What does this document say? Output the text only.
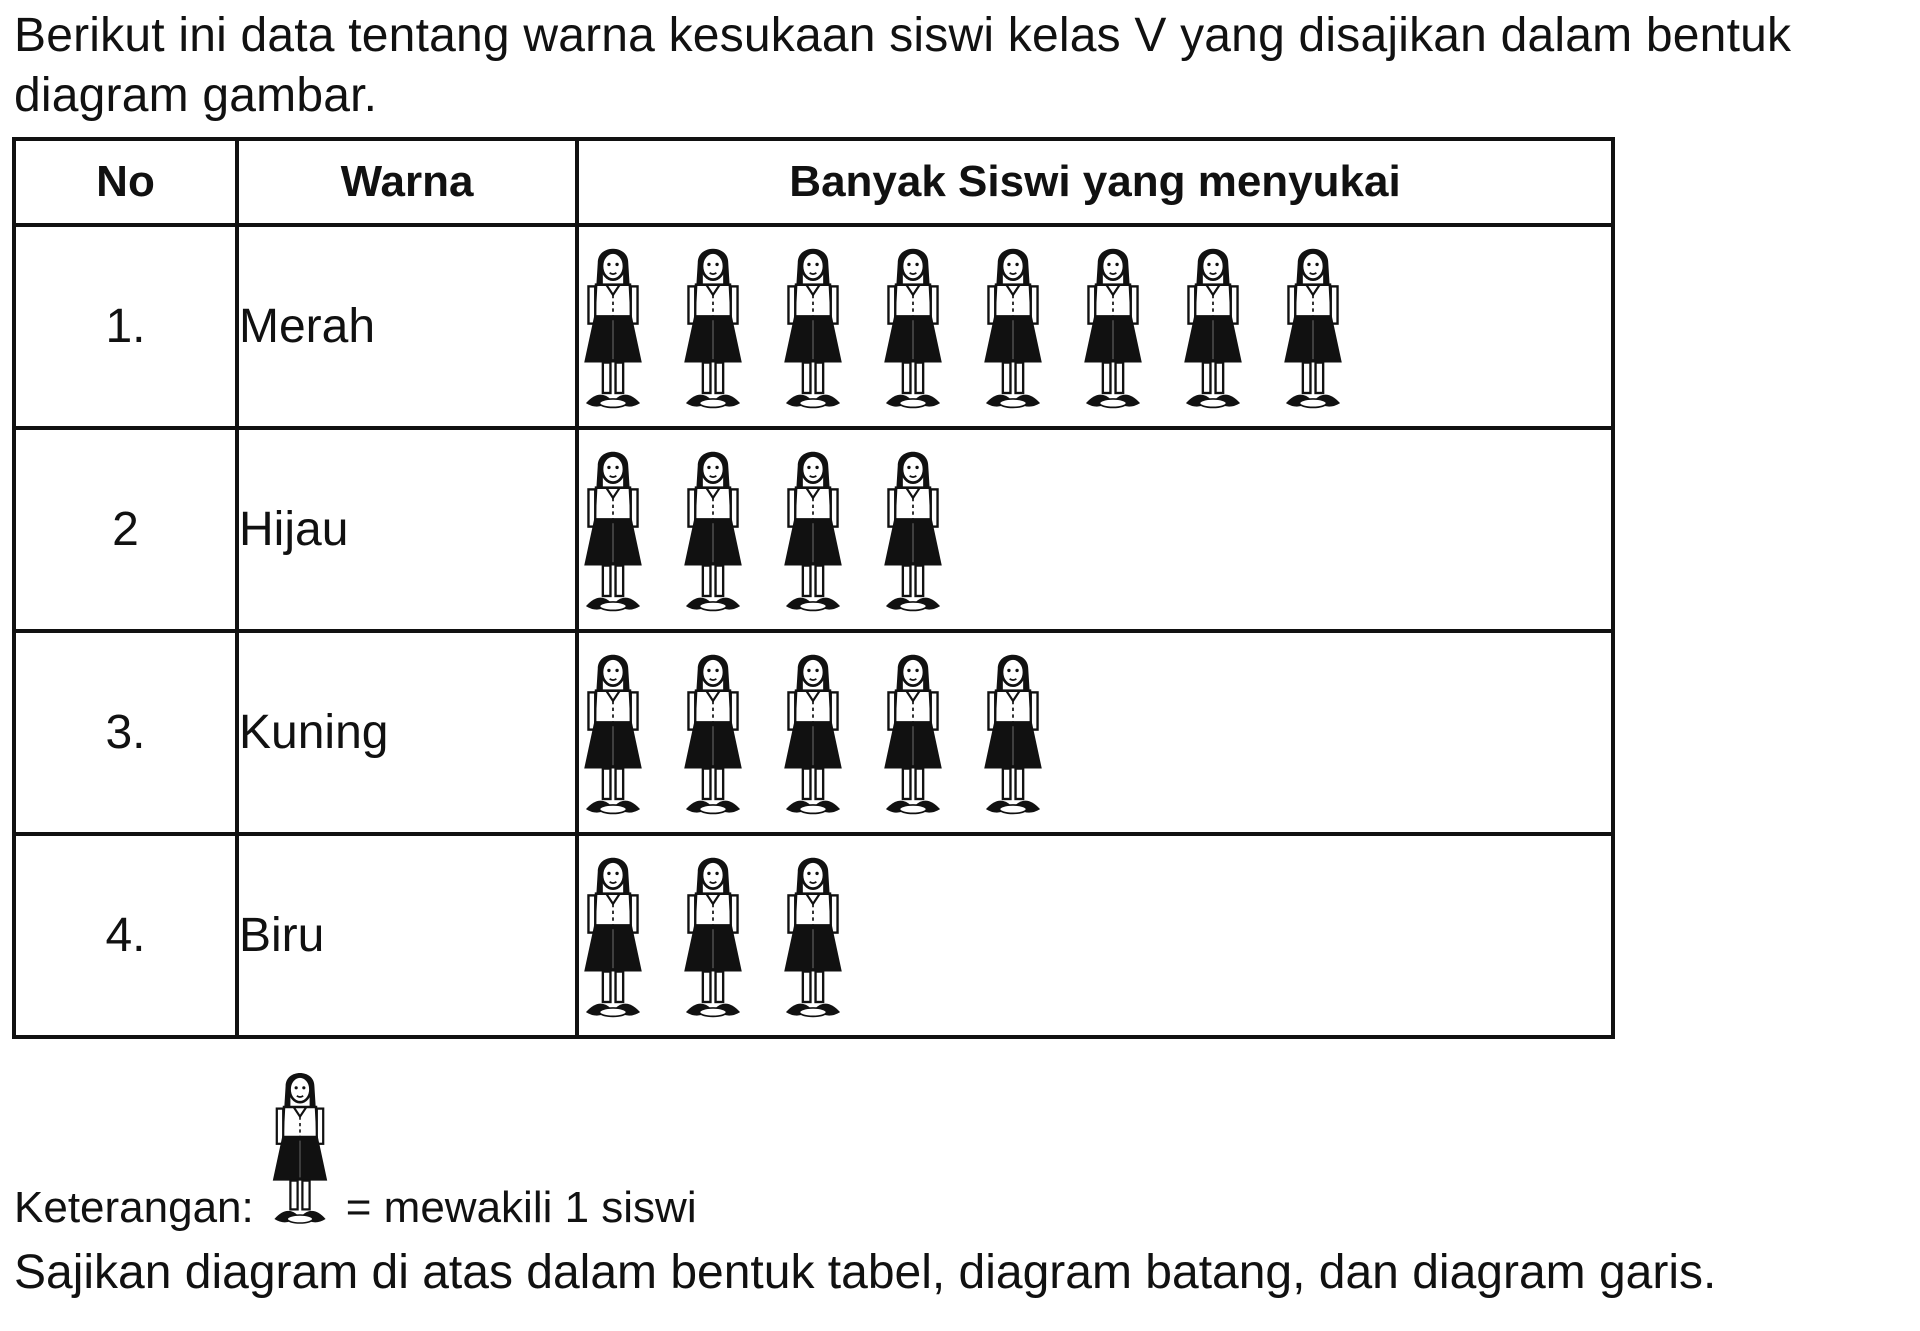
Berikut ini data tentang warna kesukaan siswi kelas V yang disajikan dalam bentuk diagram gambar.

No	Warna	Banyak Siswi yang menyukai
1.	Merah	

2	Hijau	

3.	Kuning	

4.	Biru	
Keterangan: = mewakili 1 siswi

Sajikan diagram di atas dalam bentuk tabel, diagram batang, dan diagram garis.
